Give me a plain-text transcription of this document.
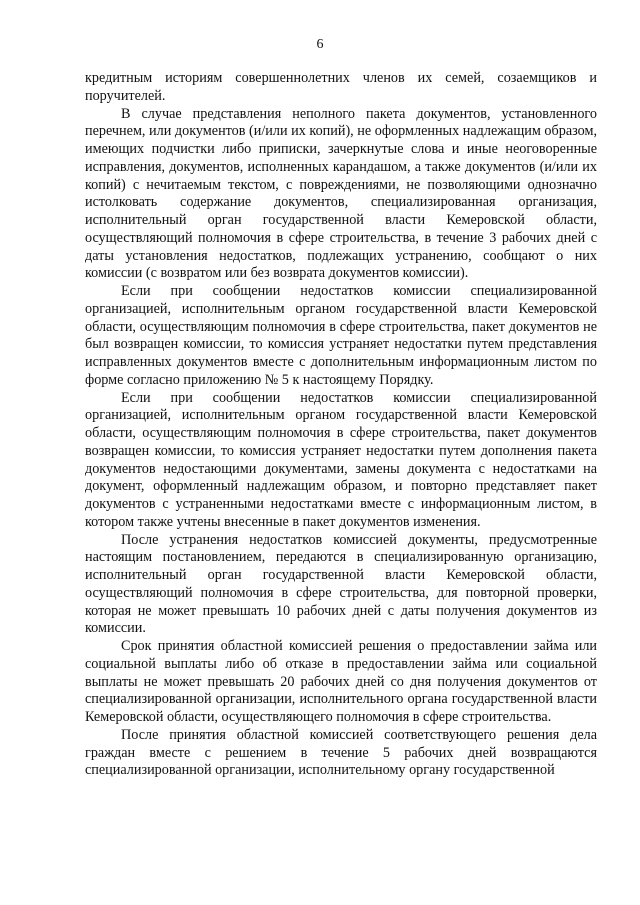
6

кредитным историям совершеннолетних членов их семей, созаемщиков и поручителей.

В случае представления неполного пакета документов, установленного перечнем, или документов (и/или их копий), не оформленных надлежащим образом, имеющих подчистки либо приписки, зачеркнутые слова и иные неоговоренные исправления, документов, исполненных карандашом, а также документов (и/или их копий) с нечитаемым текстом, с повреждениями, не позволяющими однозначно истолковать содержание документов, специализированная организация, исполнительный орган государственной власти Кемеровской области, осуществляющий полномочия в сфере строительства, в течение 3 рабочих дней с даты установления недостатков, подлежащих устранению, сообщают о них комиссии (с возвратом или без возврата документов комиссии).

Если при сообщении недостатков комиссии специализированной организацией, исполнительным органом государственной власти Кемеровской области, осуществляющим полномочия в сфере строительства, пакет документов не был возвращен комиссии, то комиссия устраняет недостатки путем представления исправленных документов вместе с дополнительным информационным листом по форме согласно приложению № 5 к настоящему Порядку.

Если при сообщении недостатков комиссии специализированной организацией, исполнительным органом государственной власти Кемеровской области, осуществляющим полномочия в сфере строительства, пакет документов возвращен комиссии, то комиссия устраняет недостатки путем дополнения пакета документов недостающими документами, замены документа с недостатками на документ, оформленный надлежащим образом, и повторно представляет пакет документов с устраненными недостатками вместе с информационным листом, в котором также учтены внесенные в пакет документов изменения.

После устранения недостатков комиссией документы, предусмотренные настоящим постановлением, передаются в специализированную организацию, исполнительный орган государственной власти Кемеровской области, осуществляющий полномочия в сфере строительства, для повторной проверки, которая не может превышать 10 рабочих дней с даты получения документов из комиссии.

Срок принятия областной комиссией решения о предоставлении займа или социальной выплаты либо об отказе в предоставлении займа или социальной выплаты не может превышать 20 рабочих дней со дня получения документов от специализированной организации, исполнительного органа государственной власти Кемеровской области, осуществляющего полномочия в сфере строительства.

После принятия областной комиссией соответствующего решения дела граждан вместе с решением в течение 5 рабочих дней возвращаются специализированной организации, исполнительному органу государственной
